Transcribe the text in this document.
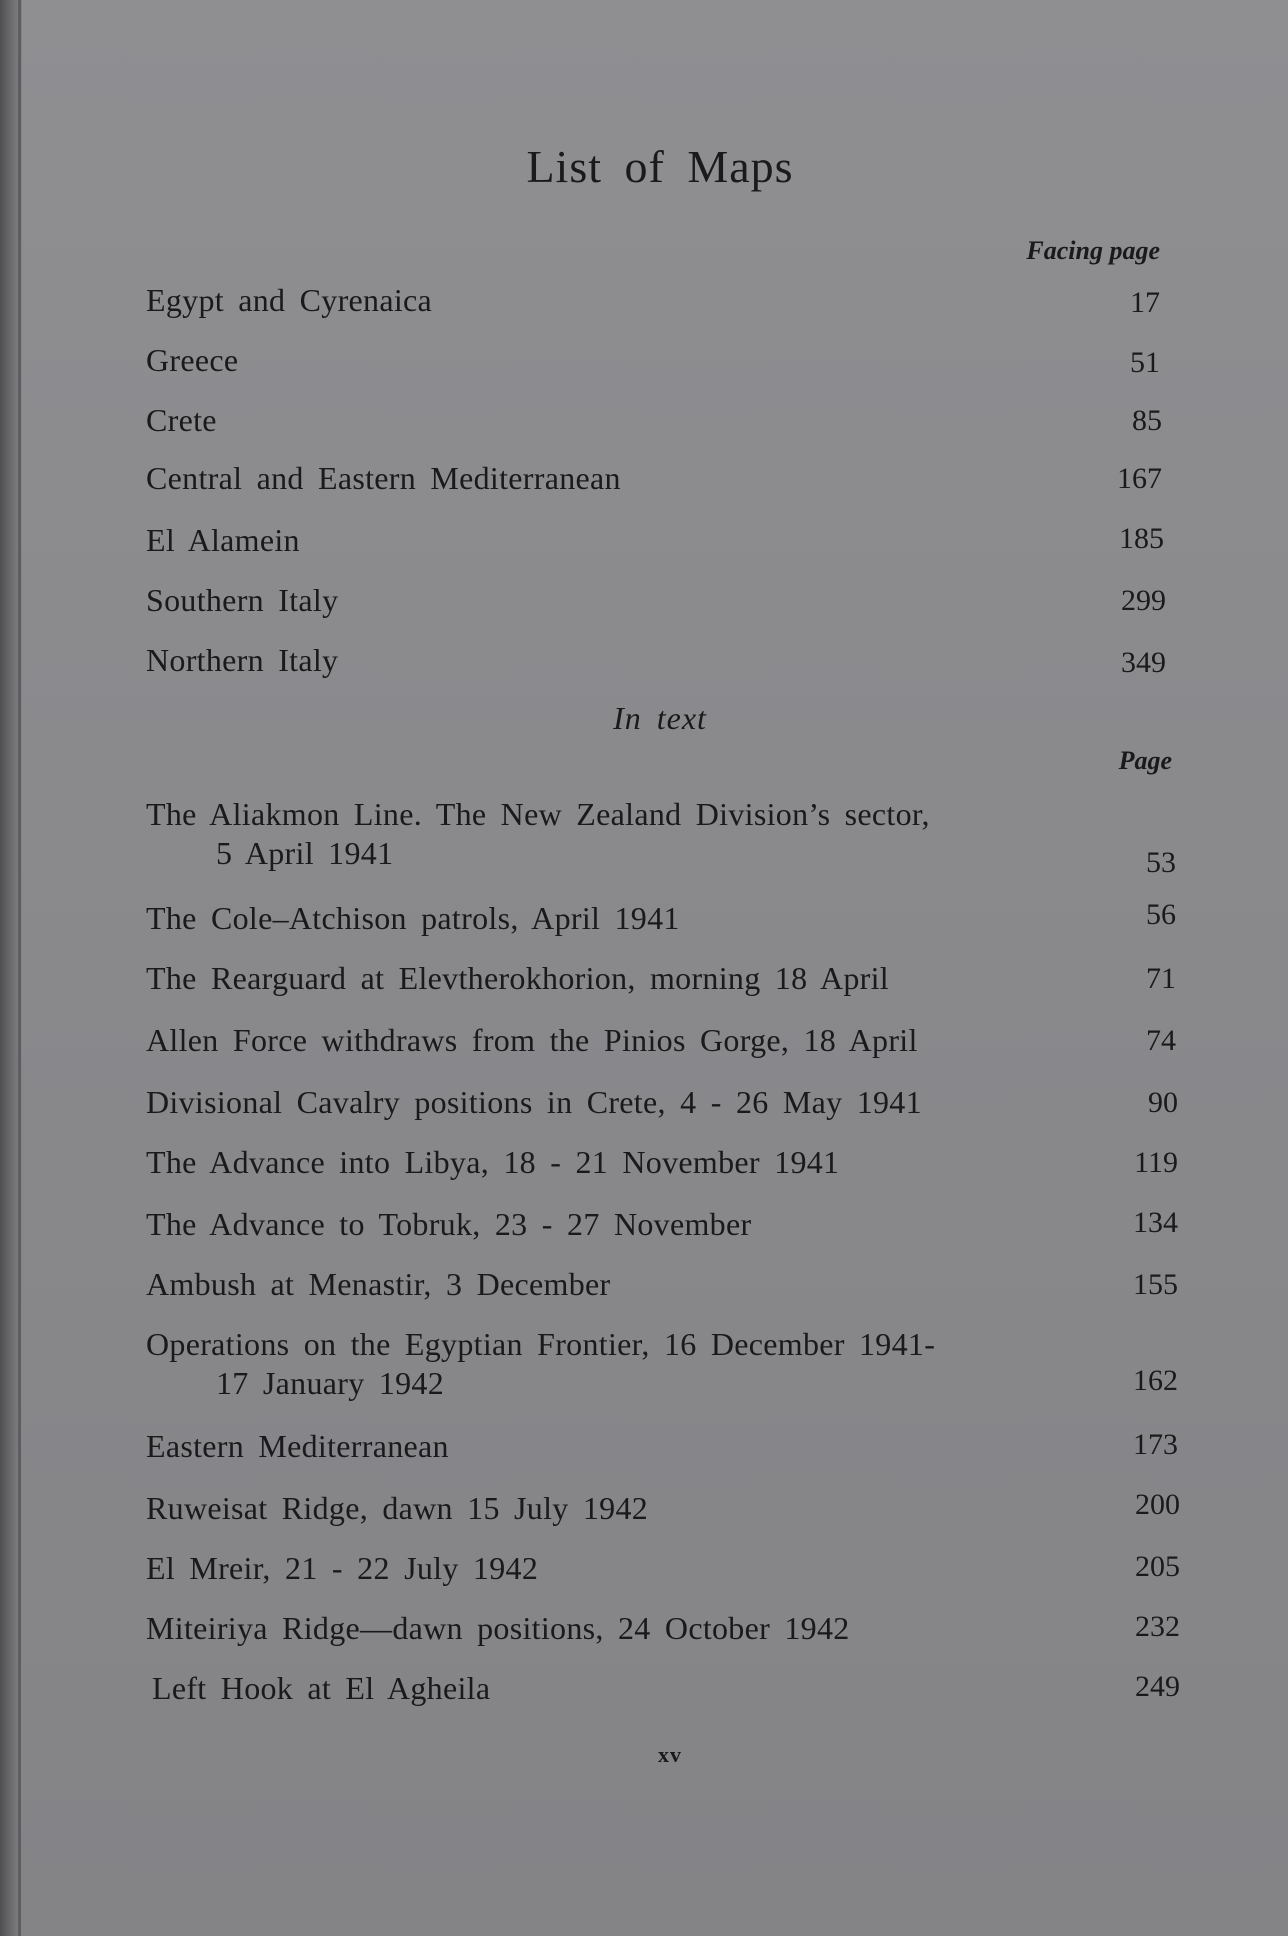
List of Maps
Facing page
Egypt and Cyrenaica	17
Greece	51
Crete	85
Central and Eastern Mediterranean	167
El Alamein	185
Southern Italy	299
Northern Italy	349
In text
Page
The Aliakmon Line. The New Zealand Division’s sector,
5 April 1941	53
The Cole–Atchison patrols, April 1941	56
The Rearguard at Elevtherokhorion, morning 18 April	71
Allen Force withdraws from the Pinios Gorge, 18 April	74
Divisional Cavalry positions in Crete, 4 - 26 May 1941	90
The Advance into Libya, 18 - 21 November 1941	119
The Advance to Tobruk, 23 - 27 November	134
Ambush at Menastir, 3 December	155
Operations on the Egyptian Frontier, 16 December 1941-
17 January 1942	162
Eastern Mediterranean	173
Ruweisat Ridge, dawn 15 July 1942	200
El Mreir, 21 - 22 July 1942	205
Miteiriya Ridge—dawn positions, 24 October 1942	232
Left Hook at El Agheila	249
xv
